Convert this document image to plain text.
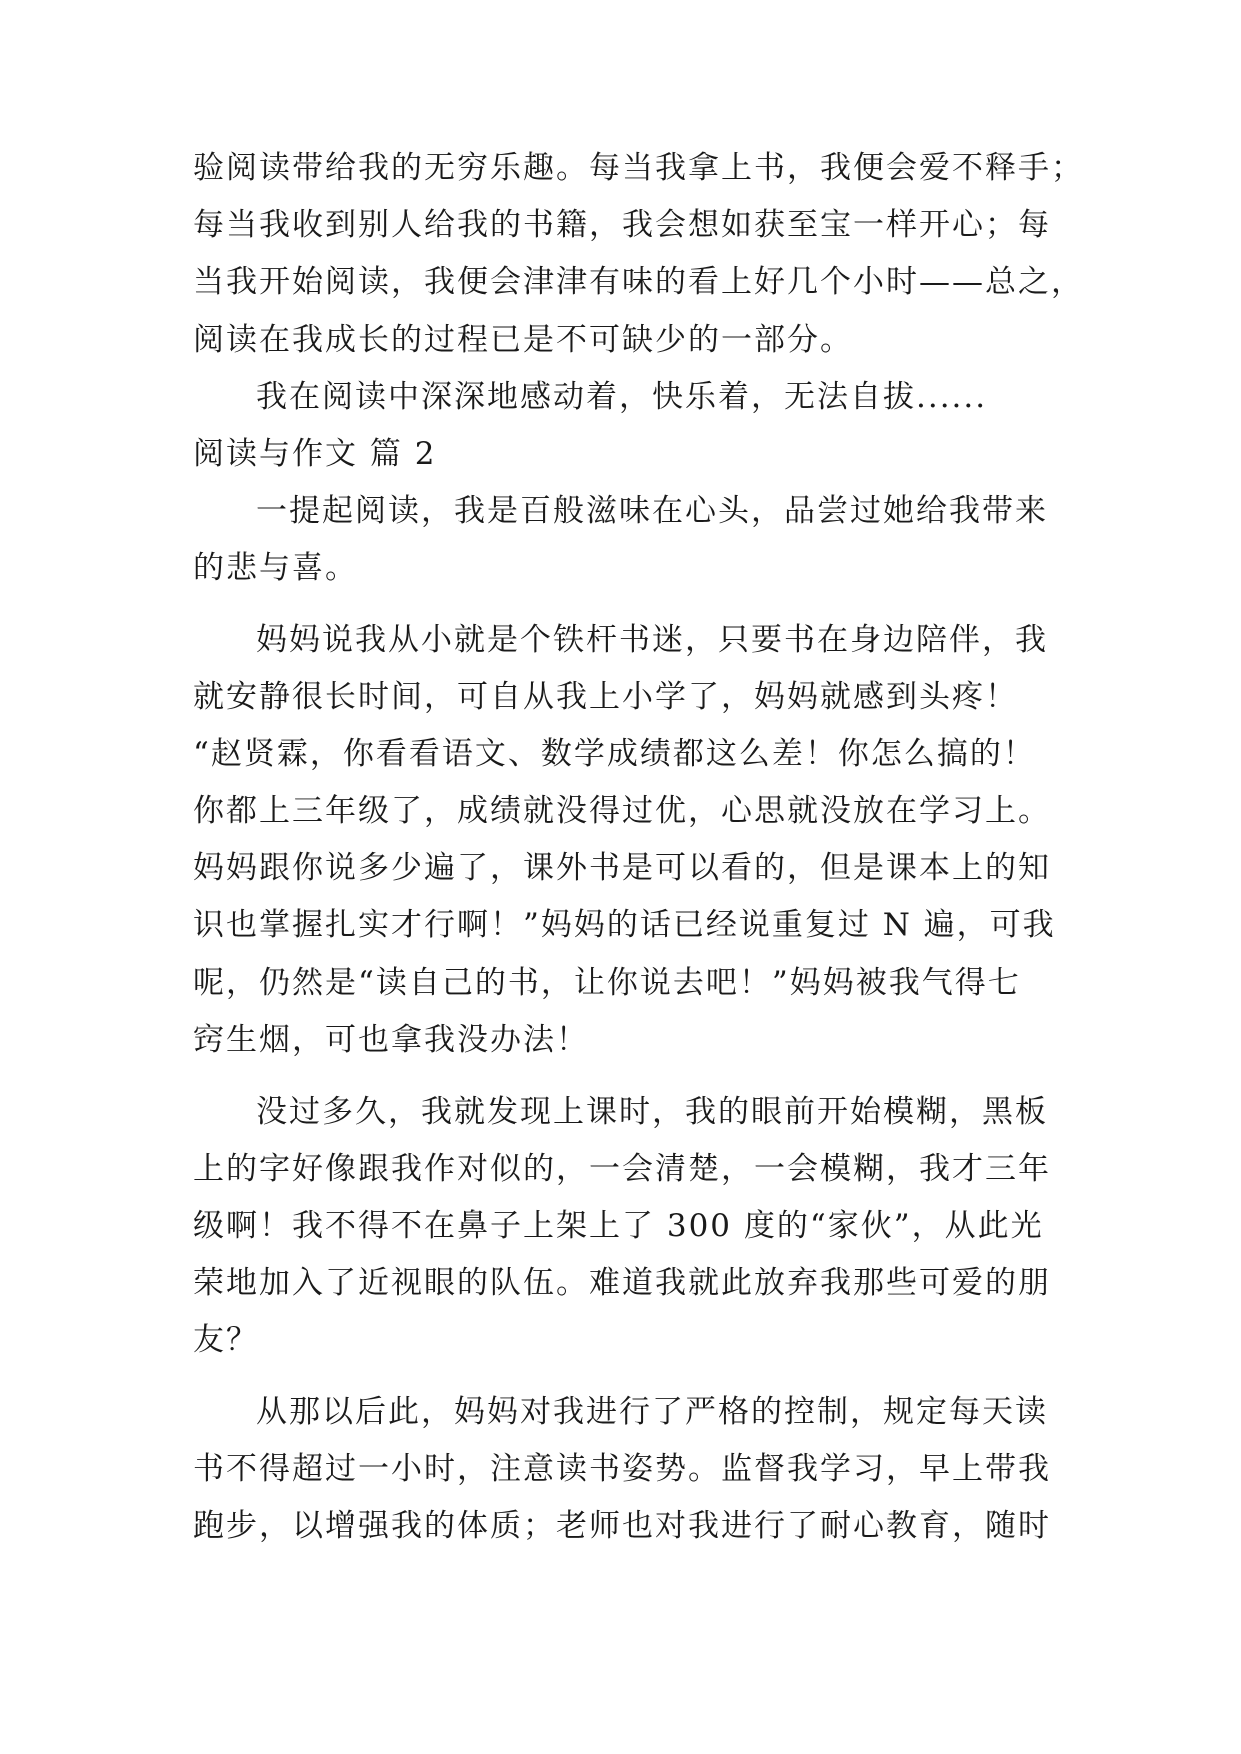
验阅读带给我的无穷乐趣。每当我拿上书，我便会爱不释手；
每当我收到别人给我的书籍，我会想如获至宝一样开心；每
当我开始阅读，我便会津津有味的看上好几个小时——总之，
阅读在我成长的过程已是不可缺少的一部分。
我在阅读中深深地感动着，快乐着，无法自拔......
阅读与作文 篇 2
一提起阅读，我是百般滋味在心头，品尝过她给我带来
的悲与喜。
妈妈说我从小就是个铁杆书迷，只要书在身边陪伴，我
就安静很长时间，可自从我上小学了，妈妈就感到头疼！
“赵贤霖，你看看语文、数学成绩都这么差！你怎么搞的！
你都上三年级了，成绩就没得过优，心思就没放在学习上。
妈妈跟你说多少遍了，课外书是可以看的，但是课本上的知
识也掌握扎实才行啊！”妈妈的话已经说重复过 N 遍，可我
呢，仍然是“读自己的书，让你说去吧！”妈妈被我气得七
窍生烟，可也拿我没办法！
没过多久，我就发现上课时，我的眼前开始模糊，黑板
上的字好像跟我作对似的，一会清楚，一会模糊，我才三年
级啊！我不得不在鼻子上架上了 300 度的“家伙”，从此光
荣地加入了近视眼的队伍。难道我就此放弃我那些可爱的朋
友？
从那以后此，妈妈对我进行了严格的控制，规定每天读
书不得超过一小时，注意读书姿势。监督我学习，早上带我
跑步，以增强我的体质；老师也对我进行了耐心教育，随时
